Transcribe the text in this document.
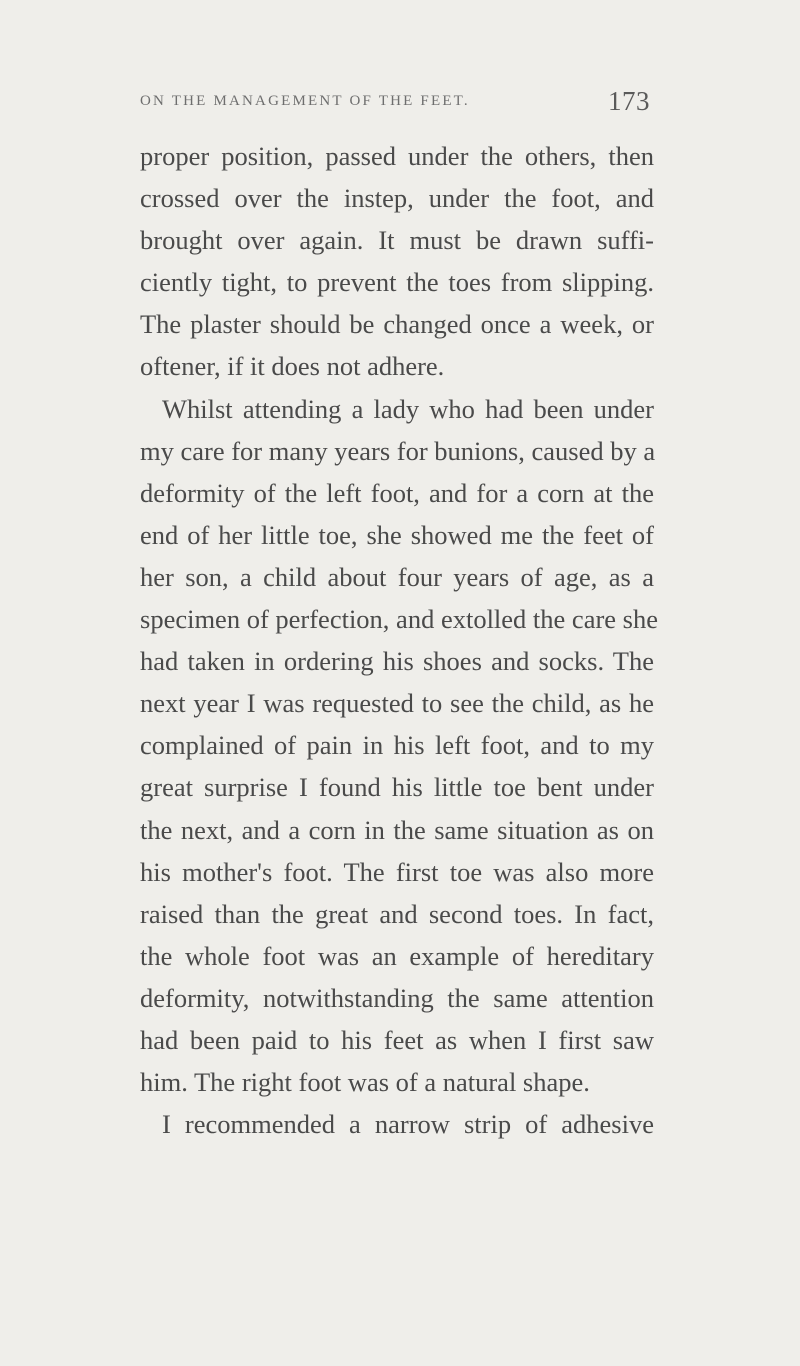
ON THE MANAGEMENT OF THE FEET.	173
proper position, passed under the others, then
crossed over the instep, under the foot, and
brought over again. It must be drawn suffi-
ciently tight, to prevent the toes from slipping.
The plaster should be changed once a week, or
oftener, if it does not adhere.
Whilst attending a lady who had been under
my care for many years for bunions, caused by a
deformity of the left foot, and for a corn at the
end of her little toe, she showed me the feet of
her son, a child about four years of age, as a
specimen of perfection, and extolled the care she
had taken in ordering his shoes and socks. The
next year I was requested to see the child, as he
complained of pain in his left foot, and to my
great surprise I found his little toe bent under
the next, and a corn in the same situation as on
his mother's foot. The first toe was also more
raised than the great and second toes. In fact,
the whole foot was an example of hereditary
deformity, notwithstanding the same attention
had been paid to his feet as when I first saw
him. The right foot was of a natural shape.
I recommended a narrow strip of adhesive
